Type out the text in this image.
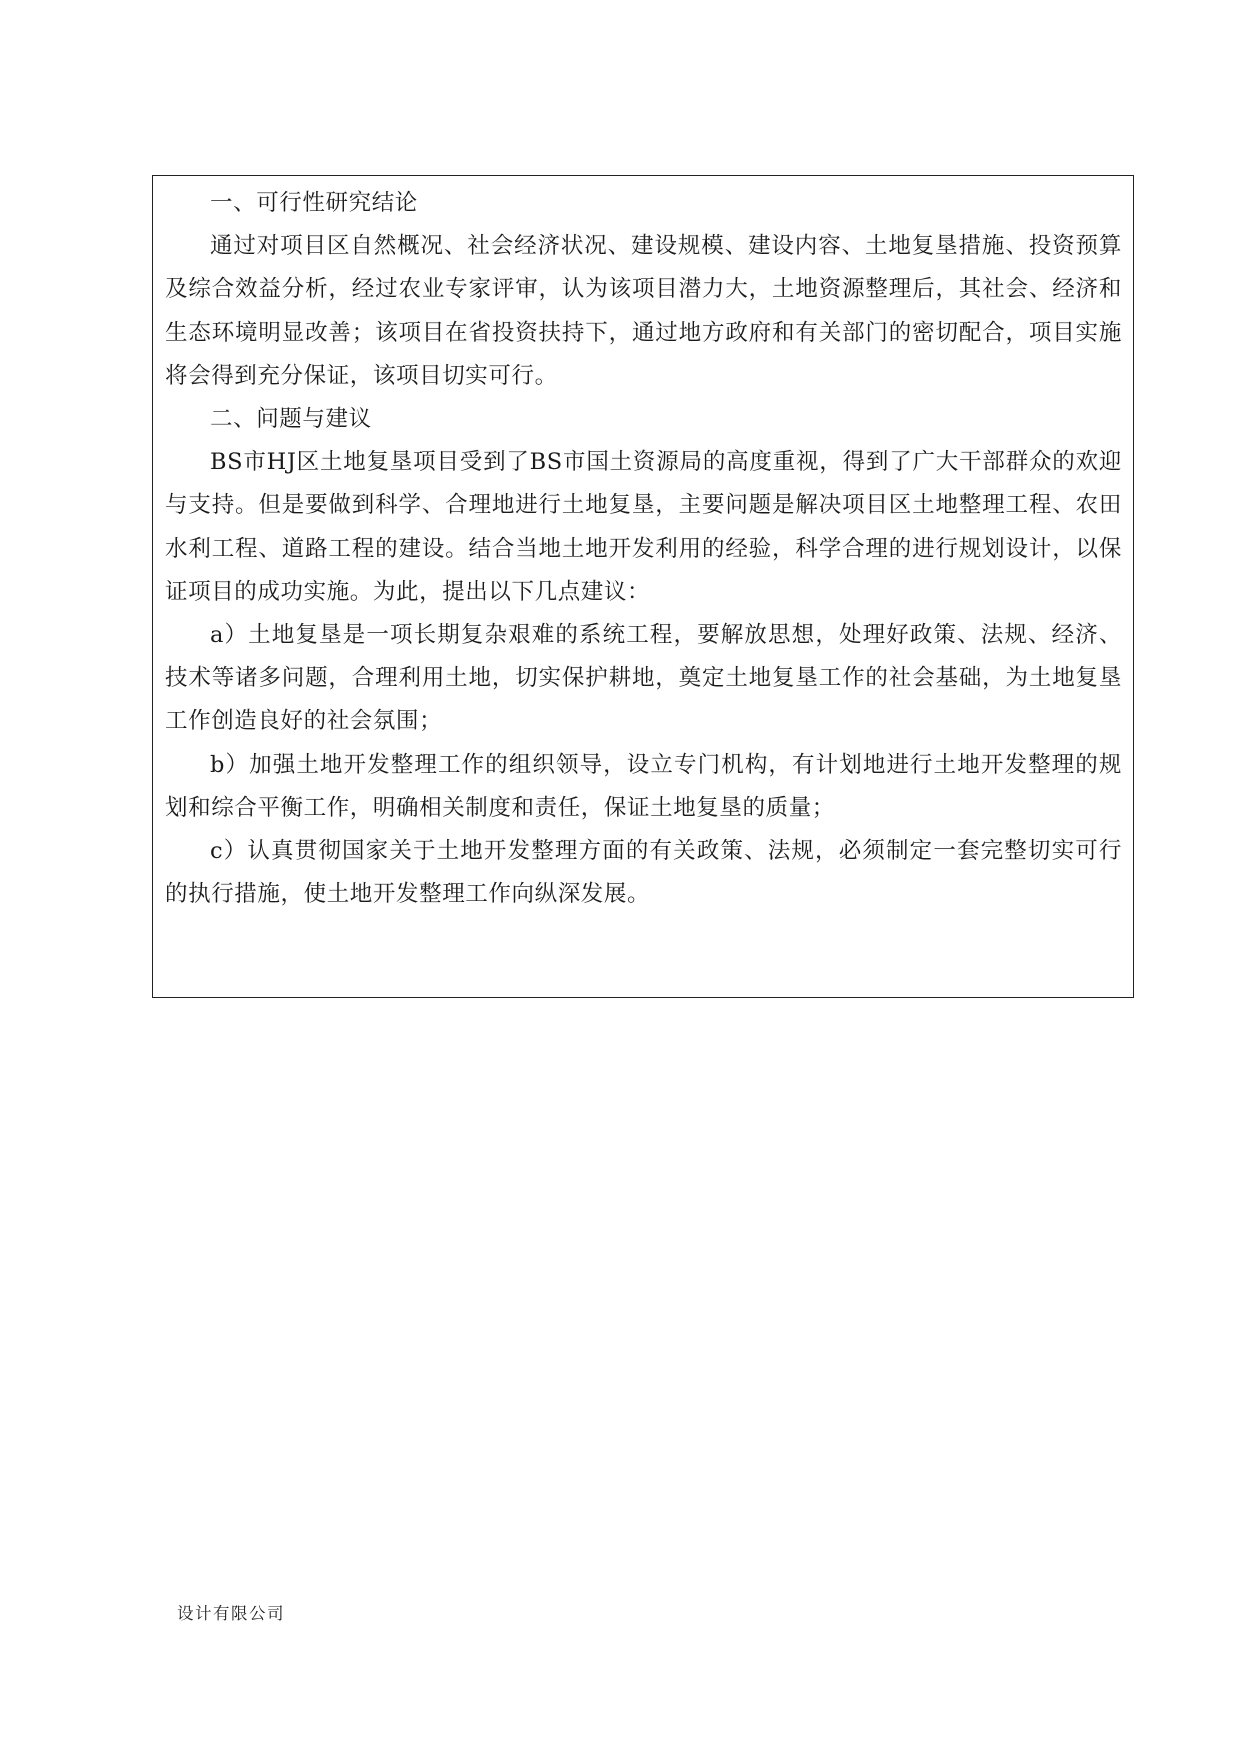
一、可行性研究结论

通过对项目区自然概况、社会经济状况、建设规模、建设内容、土地复垦措施、投资预算及综合效益分析，经过农业专家评审，认为该项目潜力大，土地资源整理后，其社会、经济和生态环境明显改善；该项目在省投资扶持下，通过地方政府和有关部门的密切配合，项目实施将会得到充分保证，该项目切实可行。

二、问题与建议

BS市HJ区土地复垦项目受到了BS市国土资源局的高度重视，得到了广大干部群众的欢迎与支持。但是要做到科学、合理地进行土地复垦，主要问题是解决项目区土地整理工程、农田水利工程、道路工程的建设。结合当地土地开发利用的经验，科学合理的进行规划设计，以保证项目的成功实施。为此，提出以下几点建议：

a）土地复垦是一项长期复杂艰难的系统工程，要解放思想，处理好政策、法规、经济、技术等诸多问题，合理利用土地，切实保护耕地，奠定土地复垦工作的社会基础，为土地复垦工作创造良好的社会氛围；

b）加强土地开发整理工作的组织领导，设立专门机构，有计划地进行土地开发整理的规划和综合平衡工作，明确相关制度和责任，保证土地复垦的质量；

c）认真贯彻国家关于土地开发整理方面的有关政策、法规，必须制定一套完整切实可行的执行措施，使土地开发整理工作向纵深发展。

设计有限公司
